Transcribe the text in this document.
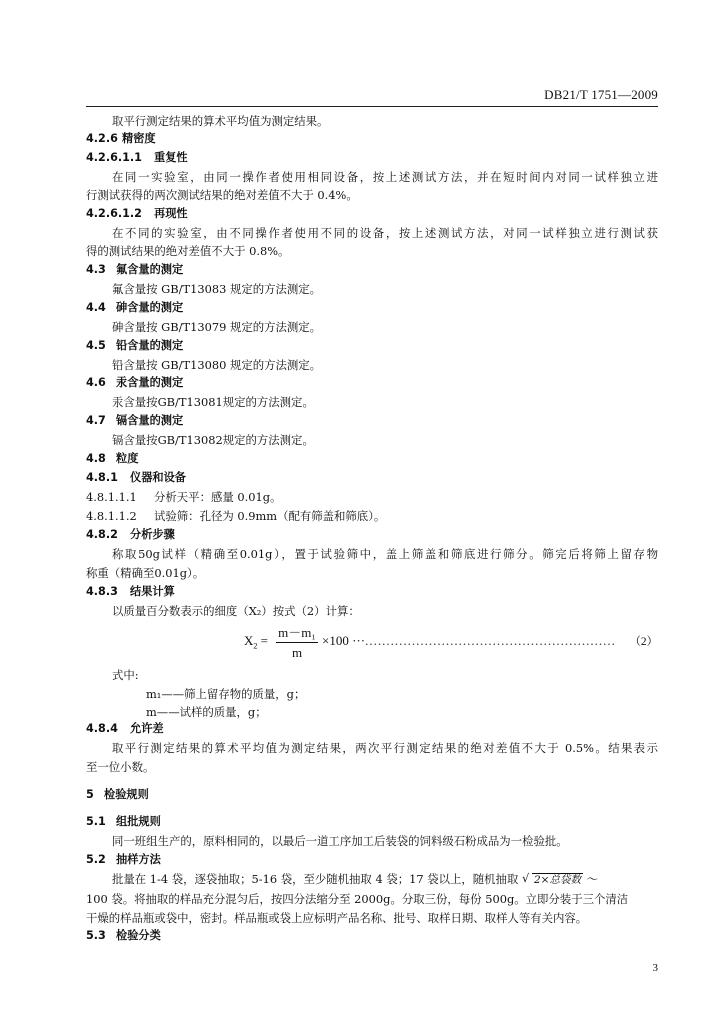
DB21/T 1751—2009
取平行测定结果的算术平均值为测定结果。
4.2.6 精密度
4.2.6.1.1 重复性
在同一实验室，由同一操作者使用相同设备，按上述测试方法，并在短时间内对同一试样独立进
行测试获得的两次测试结果的绝对差值不大于 0.4%。
4.2.6.1.2 再现性
在不同的实验室，由不同操作者使用不同的设备，按上述测试方法，对同一试样独立进行测试获
得的测试结果的绝对差值不大于 0.8%。
4.3 氟含量的测定
氟含量按 GB/T13083 规定的方法测定。
4.4 砷含量的测定
砷含量按 GB/T13079 规定的方法测定。
4.5 铅含量的测定
铅含量按 GB/T13080 规定的方法测定。
4.6 汞含量的测定
汞含量按GB/T13081规定的方法测定。
4.7 镉含量的测定
镉含量按GB/T13082规定的方法测定。
4.8 粒度
4.8.1 仪器和设备
4.8.1.1.1 分析天平：感量 0.01g。
4.8.1.1.2 试验筛：孔径为 0.9mm（配有筛盖和筛底）。
4.8.2 分析步骤
称取50g试样（精确至0.01g），置于试验筛中，盖上筛盖和筛底进行筛分。筛完后将筛上留存物
称重（精确至0.01g）。
4.8.3 结果计算
以质量百分数表示的细度（X₂）按式（2）计算：
$X_2$ =
m－m₁
m
×100 ···........................................................... （2）
式中:
m₁——筛上留存物的质量，g；
m——试样的质量，g；
4.8.4 允许差
取平行测定结果的算术平均值为测定结果，两次平行测定结果的绝对差值不大于 0.5%。结果表示
至一位小数。
5 检验规则
5.1 组批规则
同一班组生产的，原料相同的，以最后一道工序加工后装袋的饲料级石粉成品为一检验批。
5.2 抽样方法
批量在 1-4 袋，逐袋抽取；5-16 袋，至少随机抽取 4 袋；17 袋以上，随机抽取 √ 2×总袋数 ～
100 袋。将抽取的样品充分混匀后，按四分法缩分至 2000g。分取三份，每份 500g。立即分装于三个清洁
干燥的样品瓶或袋中，密封。样品瓶或袋上应标明产品名称、批号、取样日期、取样人等有关内容。
5.3 检验分类
3
